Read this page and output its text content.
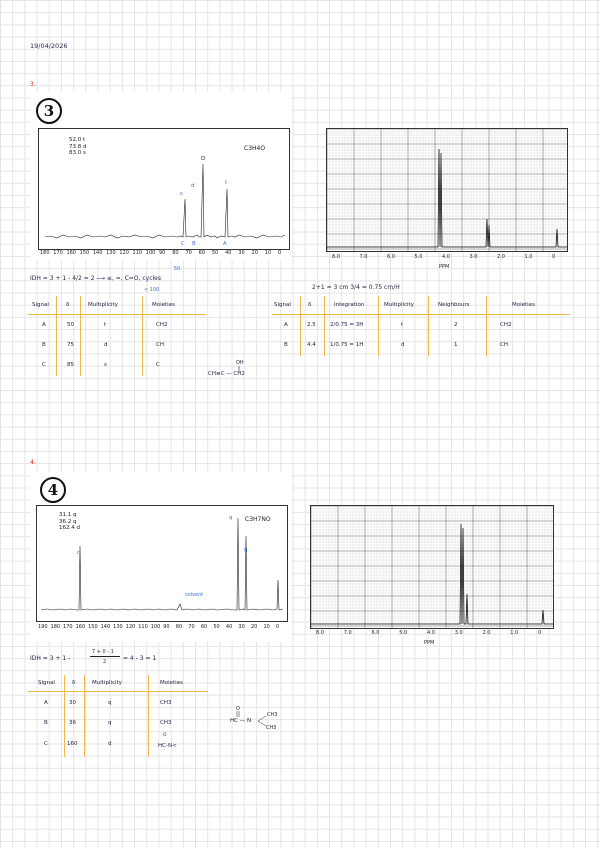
19/04/2026
3.
3
c
d
D
t
C B	A
52.0 t
73.8 d
83.0 s
C3H4O
180 170 160 150 140 130 120 110 100 90 80 70 60 50 40 30 20 10 0
8.0	7.0	6.0	5.0	4.0	3.0	2.0	1.0	0
PPM
IDH = 3 + 1 - 4/2 = 2 ⟶ ≡, =, C=O, cycles
50
< 100	2+1 = 3 cm 3/4 = 0.75 cm/H
Signal	δ	Multiplicity	Moieties
A	50	t	CH2
B	75	d	CH
C	85	s	C
Signal	δ	Integration	Multiplicity	Neighbours	Moieties
A	2.5	2/0.75 = 3H	t	2	CH2
B	4.4	1/0.75 = 1H	d	1	CH
OH
CH≡C — CH2
4.
4
d
q
q
solvent
31.1 q
36.2 q
162.4 d
C3H7NO
190 180 170 160 150 140 130 120 110 100 90 80 70 60 50 40 30 20 10 0
8.0	7.0	6.0	5.0	4.0	3.0	2.0	1.0	0
PPM
IDH = 3 + 1 -
7 + 0 - 1
2	= 4 - 3 = 1
Signal	δ	Multiplicity	Moieties
A	30	q	CH3
B	36	q	CH3
C	160	d
O
HC-N<
O
HC — N
CH3
CH3
